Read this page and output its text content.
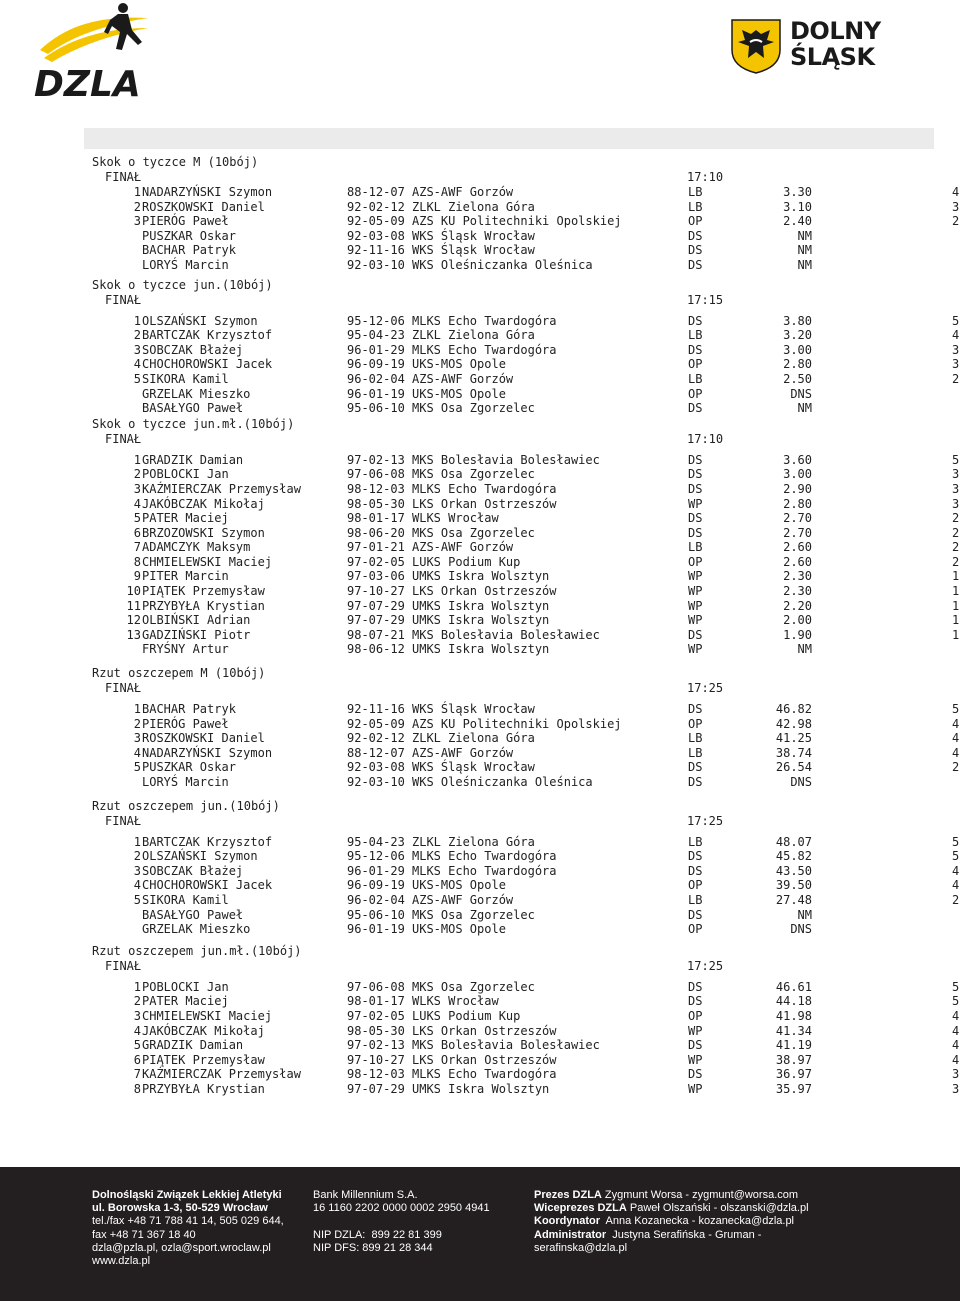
DZLA
DOLNY
ŚLĄSK
Skok o tyczce M (10bój)
FINAŁ	17:10
1 NADARZYŃSKI Szymon	88-12-07 AZS-AWF Gorzów	LB	3.30	4
2 ROSZKOWSKI Daniel	92-02-12 ZLKL Zielona Góra	LB	3.10	3
3 PIERÓG Paweł	92-05-09 AZS KU Politechniki Opolskiej	OP	2.40	2
PUSZKAR Oskar	92-03-08 WKS Śląsk Wrocław	DS	NM
BACHAR Patryk	92-11-16 WKS Śląsk Wrocław	DS	NM
LORYŚ Marcin	92-03-10 WKS Oleśniczanka Oleśnica	DS	NM
Skok o tyczce jun.(10bój)
FINAŁ	17:15
1 OLSZAŃSKI Szymon	95-12-06 MLKS Echo Twardogóra	DS	3.80	5
2 BARTCZAK Krzysztof	95-04-23 ZLKL Zielona Góra	LB	3.20	4
3 SOBCZAK Błażej	96-01-29 MLKS Echo Twardogóra	DS	3.00	3
4 CHOCHOROWSKI Jacek	96-09-19 UKS-MOS Opole	OP	2.80	3
5 SIKORA Kamil	96-02-04 AZS-AWF Gorzów	LB	2.50	2
GRZELAK Mieszko	96-01-19 UKS-MOS Opole	OP	DNS
BASAŁYGO Paweł	95-06-10 MKS Osa Zgorzelec	DS	NM
Skok o tyczce jun.mł.(10bój)
FINAŁ	17:10
1 GRADZIK Damian	97-02-13 MKS Bolesłavia Bolesławiec	DS	3.60	5
2 POBLOCKI Jan	97-06-08 MKS Osa Zgorzelec	DS	3.00	3
3 KAŹMIERCZAK Przemysław	98-12-03 MLKS Echo Twardogóra	DS	2.90	3
4 JAKÓBCZAK Mikołaj	98-05-30 LKS Orkan Ostrzeszów	WP	2.80	3
5 PATER Maciej	98-01-17 WLKS Wrocław	DS	2.70	2
6 BRZOZOWSKI Szymon	98-06-20 MKS Osa Zgorzelec	DS	2.70	2
7 ADAMCZYK Maksym	97-01-21 AZS-AWF Gorzów	LB	2.60	2
8 CHMIELEWSKI Maciej	97-02-05 LUKS Podium Kup	OP	2.60	2
9 PITER Marcin	97-03-06 UMKS Iskra Wolsztyn	WP	2.30	1
10 PIĄTEK Przemysław	97-10-27 LKS Orkan Ostrzeszów	WP	2.30	1
11 PRZYBYŁA Krystian	97-07-29 UMKS Iskra Wolsztyn	WP	2.20	1
12 OLBIŃSKI Adrian	97-07-29 UMKS Iskra Wolsztyn	WP	2.00	1
13 GADZIŃSKI Piotr	98-07-21 MKS Bolesłavia Bolesławiec	DS	1.90	1
FRYŚNY Artur	98-06-12 UMKS Iskra Wolsztyn	WP	NM
Rzut oszczepem M (10bój)
FINAŁ	17:25
1 BACHAR Patryk	92-11-16 WKS Śląsk Wrocław	DS	46.82	5
2 PIERÓG Paweł	92-05-09 AZS KU Politechniki Opolskiej	OP	42.98	4
3 ROSZKOWSKI Daniel	92-02-12 ZLKL Zielona Góra	LB	41.25	4
4 NADARZYŃSKI Szymon	88-12-07 AZS-AWF Gorzów	LB	38.74	4
5 PUSZKAR Oskar	92-03-08 WKS Śląsk Wrocław	DS	26.54	2
LORYŚ Marcin	92-03-10 WKS Oleśniczanka Oleśnica	DS	DNS
Rzut oszczepem jun.(10bój)
FINAŁ	17:25
1 BARTCZAK Krzysztof	95-04-23 ZLKL Zielona Góra	LB	48.07	5
2 OLSZAŃSKI Szymon	95-12-06 MLKS Echo Twardogóra	DS	45.82	5
3 SOBCZAK Błażej	96-01-29 MLKS Echo Twardogóra	DS	43.50	4
4 CHOCHOROWSKI Jacek	96-09-19 UKS-MOS Opole	OP	39.50	4
5 SIKORA Kamil	96-02-04 AZS-AWF Gorzów	LB	27.48	2
BASAŁYGO Paweł	95-06-10 MKS Osa Zgorzelec	DS	NM
GRZELAK Mieszko	96-01-19 UKS-MOS Opole	OP	DNS
Rzut oszczepem jun.mł.(10bój)
FINAŁ	17:25
1 POBLOCKI Jan	97-06-08 MKS Osa Zgorzelec	DS	46.61	5
2 PATER Maciej	98-01-17 WLKS Wrocław	DS	44.18	5
3 CHMIELEWSKI Maciej	97-02-05 LUKS Podium Kup	OP	41.98	4
4 JAKÓBCZAK Mikołaj	98-05-30 LKS Orkan Ostrzeszów	WP	41.34	4
5 GRADZIK Damian	97-02-13 MKS Bolesłavia Bolesławiec	DS	41.19	4
6 PIĄTEK Przemysław	97-10-27 LKS Orkan Ostrzeszów	WP	38.97	4
7 KAŹMIERCZAK Przemysław	98-12-03 MLKS Echo Twardogóra	DS	36.97	3
8 PRZYBYŁA Krystian	97-07-29 UMKS Iskra Wolsztyn	WP	35.97	3
Dolnośląski Związek Lekkiej Atletyki
ul. Borowska 1-3, 50-529 Wrocław
tel./fax +48 71 788 41 14, 505 029 644,
fax +48 71 367 18 40
dzla@pzla.pl, ozla@sport.wroclaw.pl
www.dzla.pl
Bank Millennium S.A.
16 1160 2202 0000 0002 2950 4941
NIP DZLA:  899 22 81 399
NIP DFS: 899 21 28 344
Prezes DZLA Zygmunt Worsa - zygmunt@worsa.com
Wiceprezes DZLA Paweł Olszański - olszanski@dzla.pl
Koordynator  Anna Kozanecka - kozanecka@dzla.pl
Administrator  Justyna Serafińska - Gruman -
serafinska@dzla.pl
